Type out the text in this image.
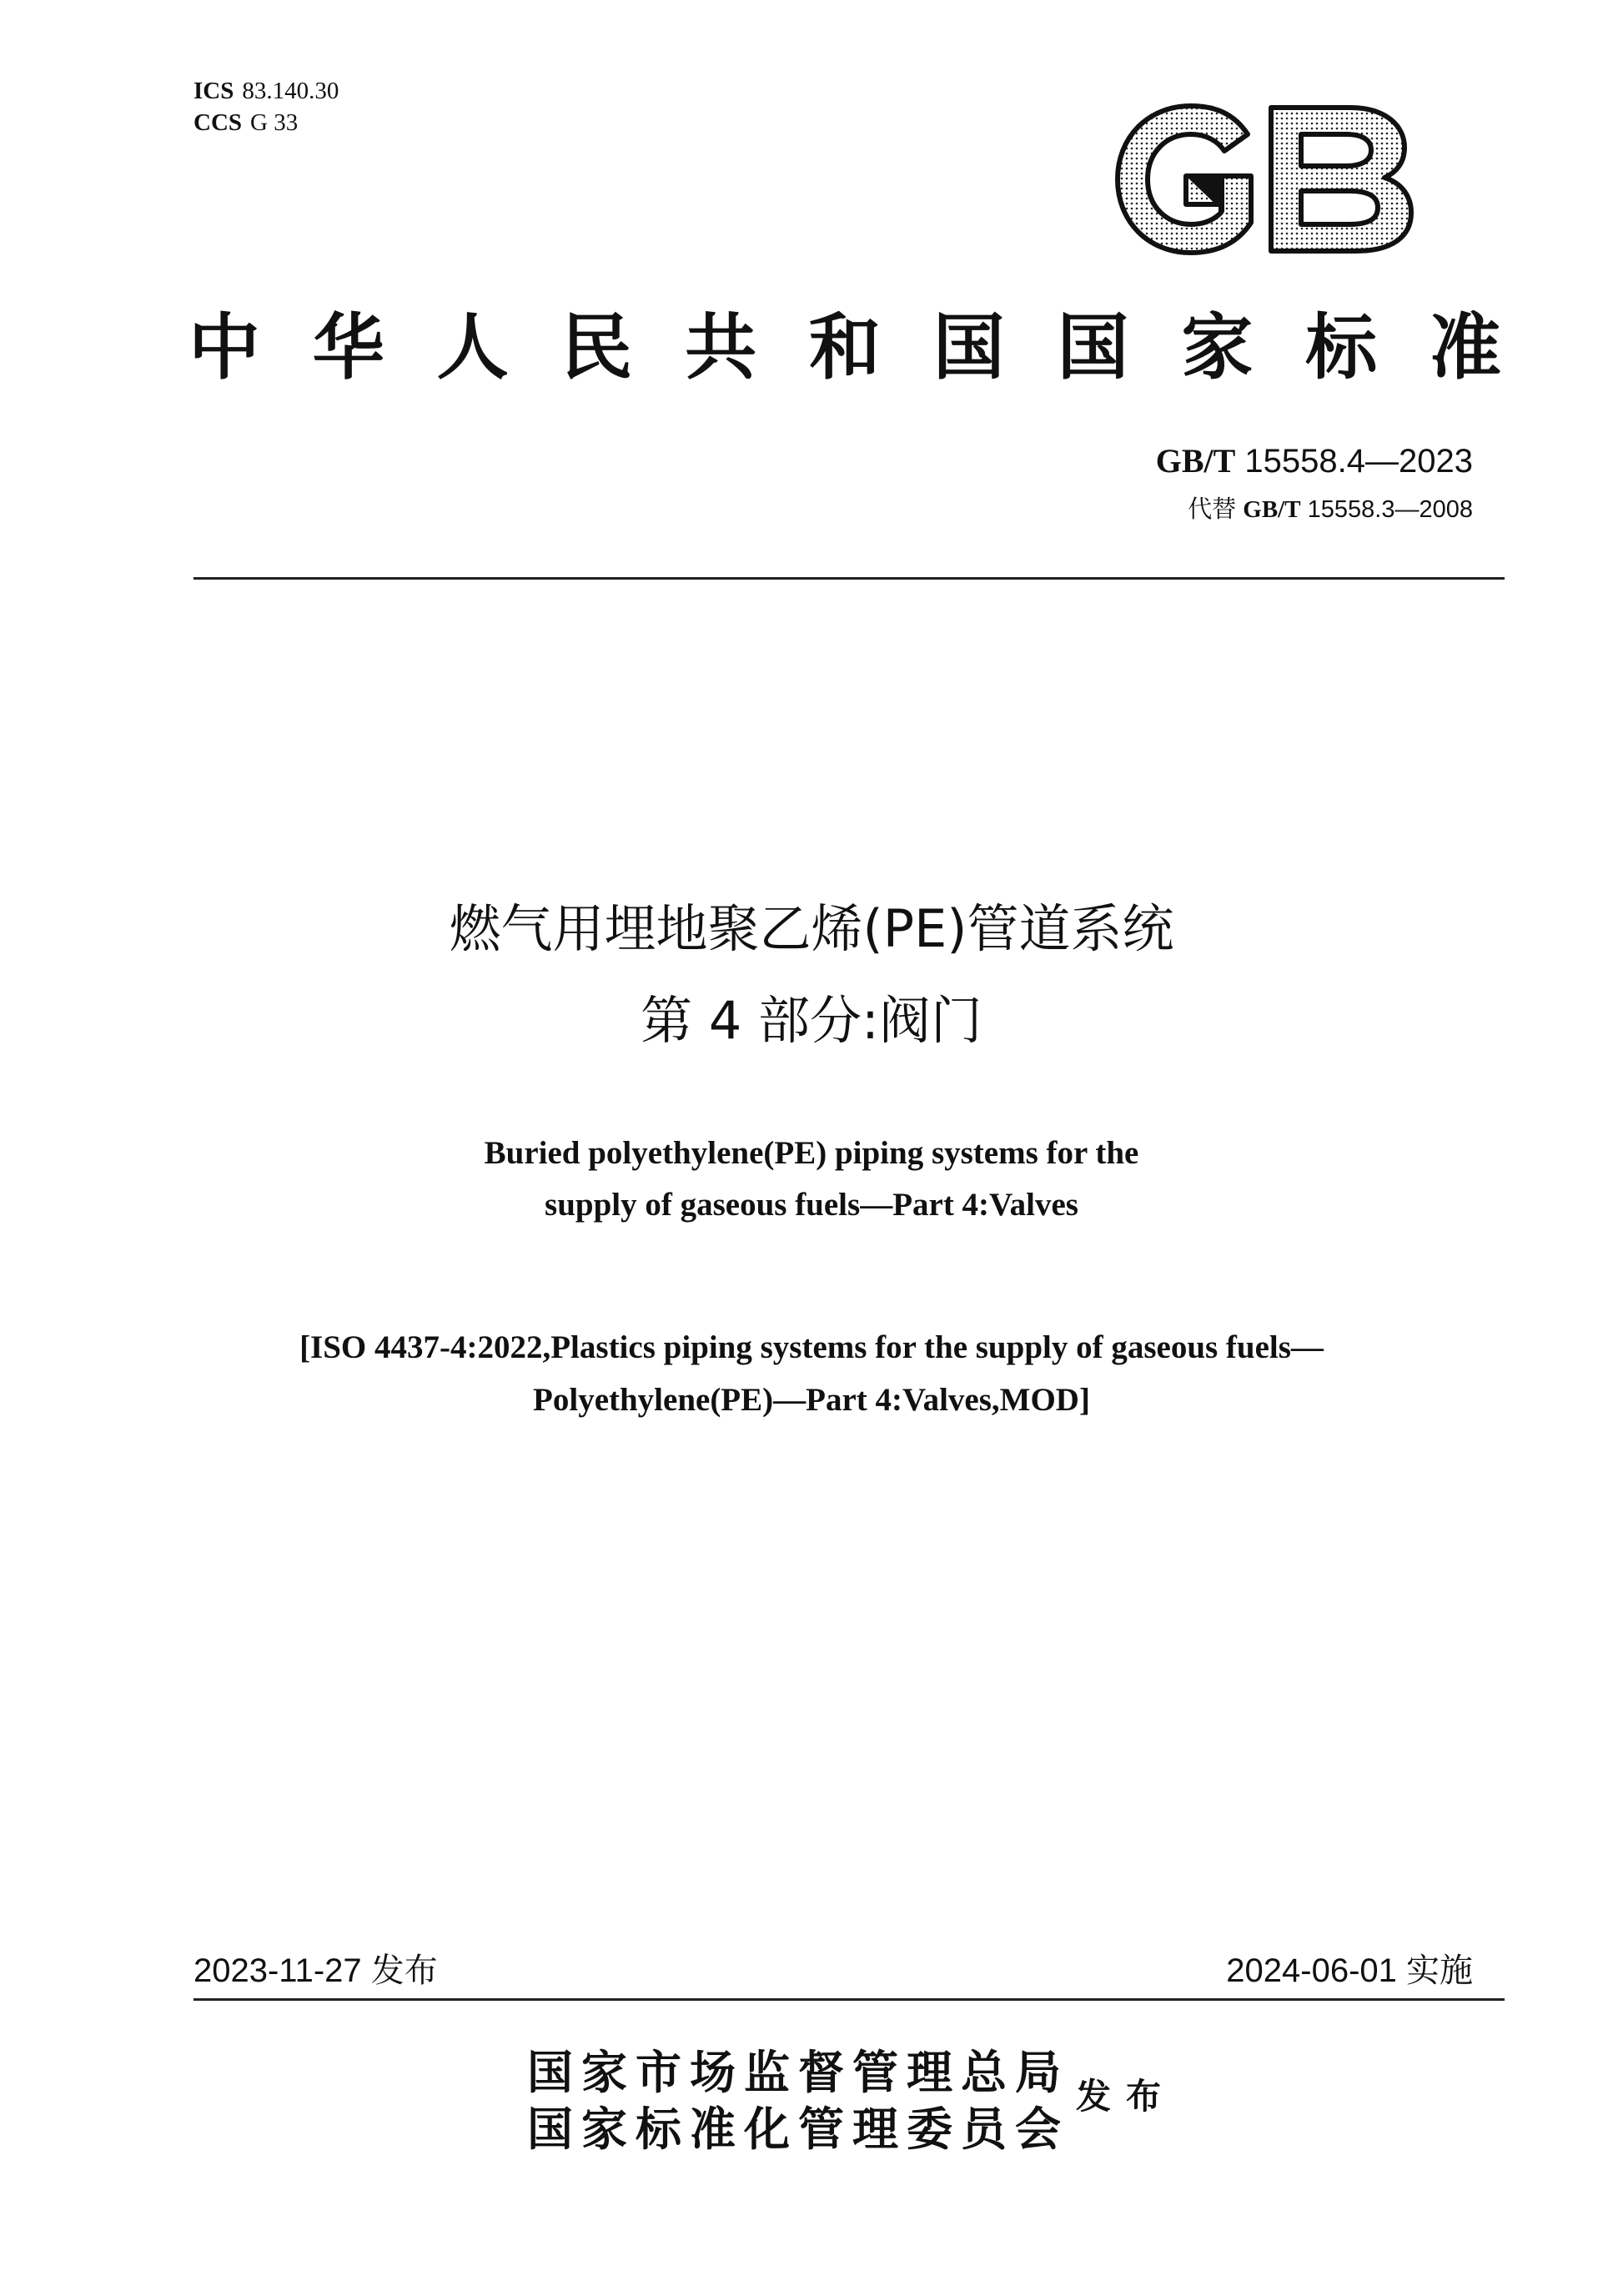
ICS 83.140.30
CCS G 33
中华人民共和国国家标准
GB/T 15558.4—2023
代替 GB/T 15558.3—2008
燃气用埋地聚乙烯(PE)管道系统
第 4 部分:阀门
Buried polyethylene(PE) piping systems for the
supply of gaseous fuels—Part 4:Valves
[ISO 4437-4:2022,Plastics piping systems for the supply of gaseous fuels—
Polyethylene(PE)—Part 4:Valves,MOD]
2023-11-27 发布	2024-06-01 实施
国家市场监督管理总局
国家标准化管理委员会
发布
